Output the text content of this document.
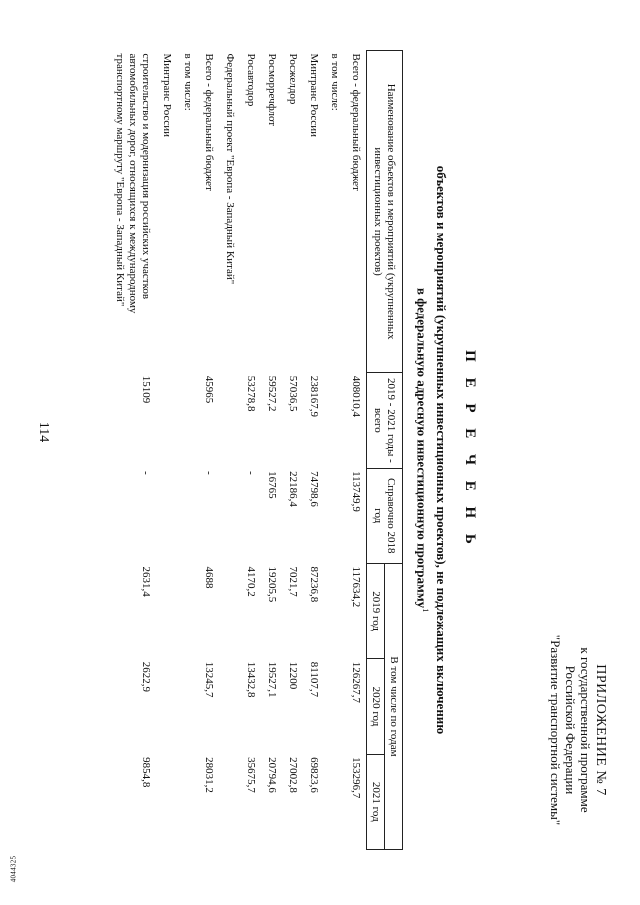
114
4044325
ПРИЛОЖЕНИЕ № 7
к государственной программе
Российской Федерации
"Развитие транспортной системы"
П Е Р Е Ч Е Н Ь
объектов и мероприятий (укрупненных инвестиционных проектов), не подлежащих включению
в федеральную адресную инвестиционную программу$^1$
Наименование объектов и мероприятий (укрупненных инвестиционных проектов)	2019 - 2021 годы - всего	Справочно 2018 год	В том числе по годам		
			2019 год	2020 год	2021 год
Всего - федеральный бюджет	408010,4	113749,9	117634,2	126267,7	153296,7
в том числе:					
Минтранс России	238167,9	74798,6	87236,8	81107,7	69823,6
Росжелдор	57036,5	22186,4	7021,7	12200	27002,8
Росморречфлот	59527,2	16765	19205,5	19527,1	20794,6
Росавтодор	53278,8	-	4170,2	13432,8	35675,7
Федеральный проект "Европа - Западный Китай"					
Всего - федеральный бюджет	45965	-	4688	13245,7	28031,2
в том числе:					
Минтранс России					
строительство и модернизация российских участков автомобильных дорог, относящихся к международному транспортному маршруту "Европа - Западный Китай"	15109	-	2631,4	2622,9	9854,8
